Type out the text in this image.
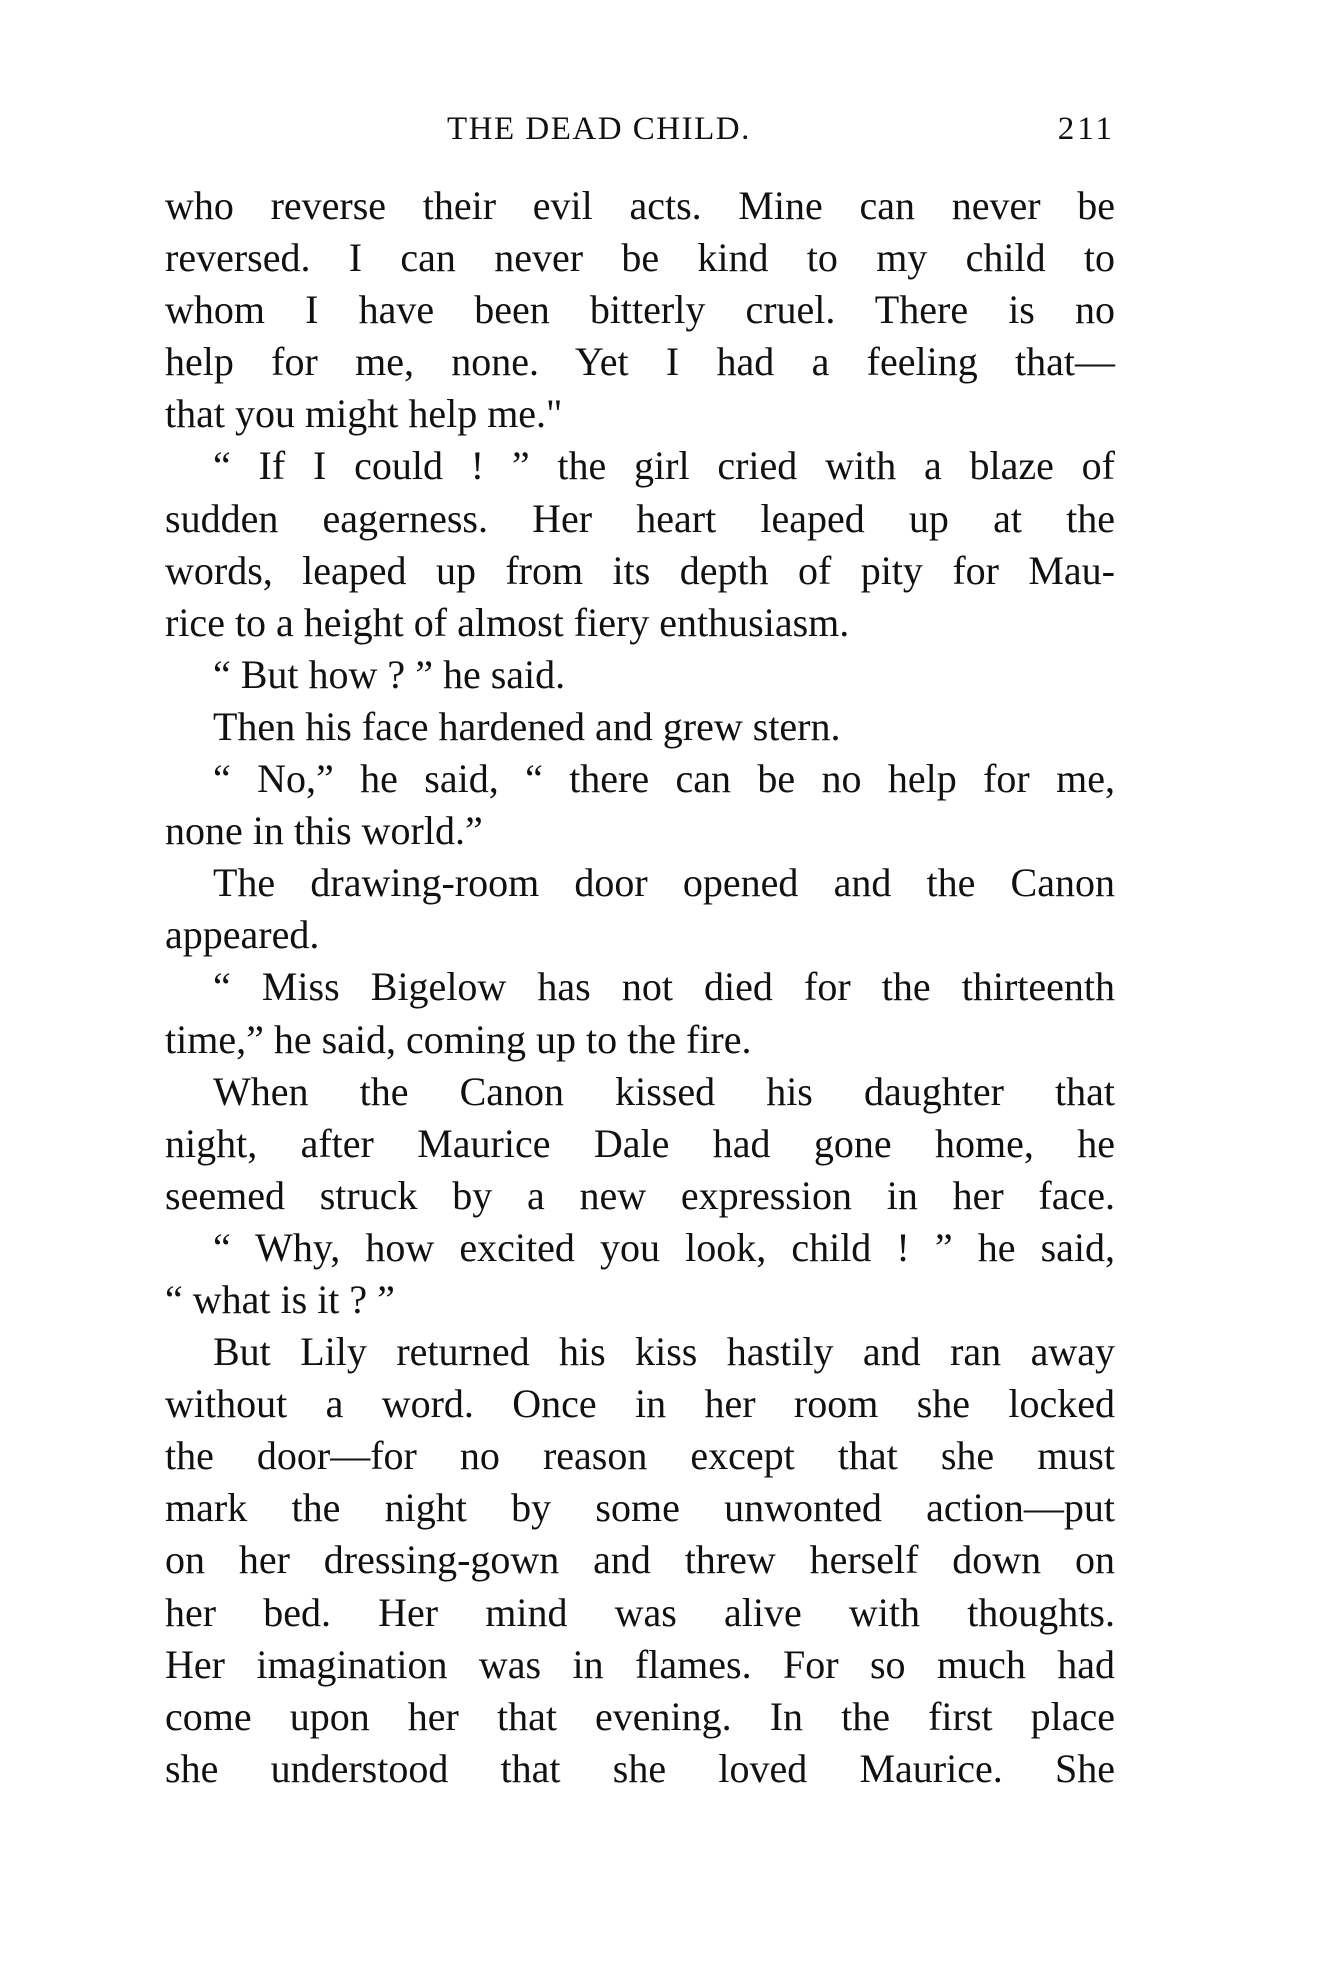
THE DEAD CHILD.	211
who reverse their evil acts. Mine can never be
reversed. I can never be kind to my child to
whom I have been bitterly cruel. There is no
help for me, none. Yet I had a feeling that—
that you might help me."
“ If I could ! ” the girl cried with a blaze of
sudden eagerness. Her heart leaped up at the
words, leaped up from its depth of pity for Mau-
rice to a height of almost fiery enthusiasm.
“ But how ? ” he said.
Then his face hardened and grew stern.
“ No,” he said, “ there can be no help for me,
none in this world.”
The drawing-room door opened and the Canon
appeared.
“ Miss Bigelow has not died for the thirteenth
time,” he said, coming up to the fire.
When the Canon kissed his daughter that
night, after Maurice Dale had gone home, he
seemed struck by a new expression in her face.
“ Why, how excited you look, child ! ” he said,
“ what is it ? ”
But Lily returned his kiss hastily and ran away
without a word. Once in her room she locked
the door—for no reason except that she must
mark the night by some unwonted action—put
on her dressing-gown and threw herself down on
her bed. Her mind was alive with thoughts.
Her imagination was in flames. For so much had
come upon her that evening. In the first place
she understood that she loved Maurice. She
